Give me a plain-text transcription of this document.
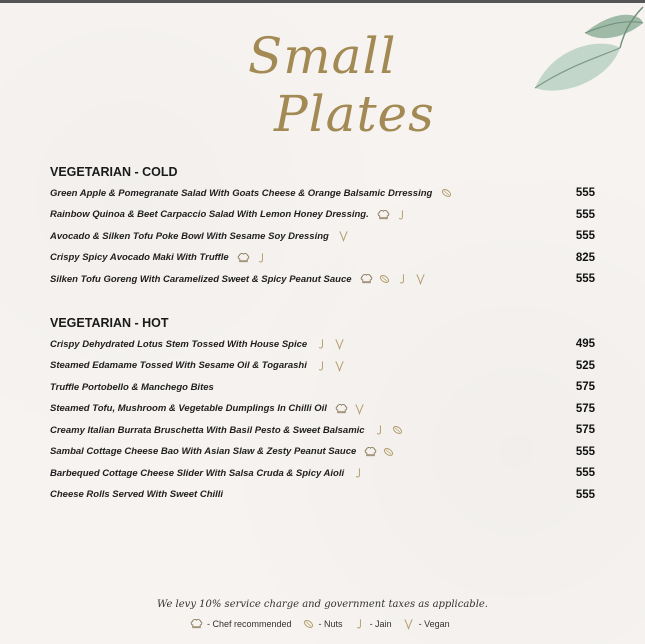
Small
Plates
VEGETARIAN - COLD
Green Apple & Pomegranate Salad With Goats Cheese & Orange Balsamic Drressing	555
Rainbow Quinoa & Beet Carpaccio Salad With Lemon Honey Dressing.	555
Avocado & Silken Tofu Poke Bowl With Sesame Soy Dressing	555
Crispy Spicy Avocado Maki With Truffle	825
Silken Tofu Goreng With Caramelized Sweet & Spicy Peanut Sauce	555
VEGETARIAN - HOT
Crispy Dehydrated Lotus Stem Tossed With House Spice	495
Steamed Edamame Tossed With Sesame Oil & Togarashi	525
Truffle Portobello & Manchego Bites	575
Steamed Tofu, Mushroom & Vegetable Dumplings In Chilli Oil	575
Creamy Italian Burrata Bruschetta With Basil Pesto & Sweet Balsamic	575
Sambal Cottage Cheese Bao With Asian Slaw & Zesty Peanut Sauce	555
Barbequed Cottage Cheese Slider With Salsa Cruda & Spicy Aioli	555
Cheese Rolls Served With Sweet Chilli	555
We levy 10% service charge and government taxes as applicable.
- Chef recommended	- Nuts	- Jain	- Vegan
